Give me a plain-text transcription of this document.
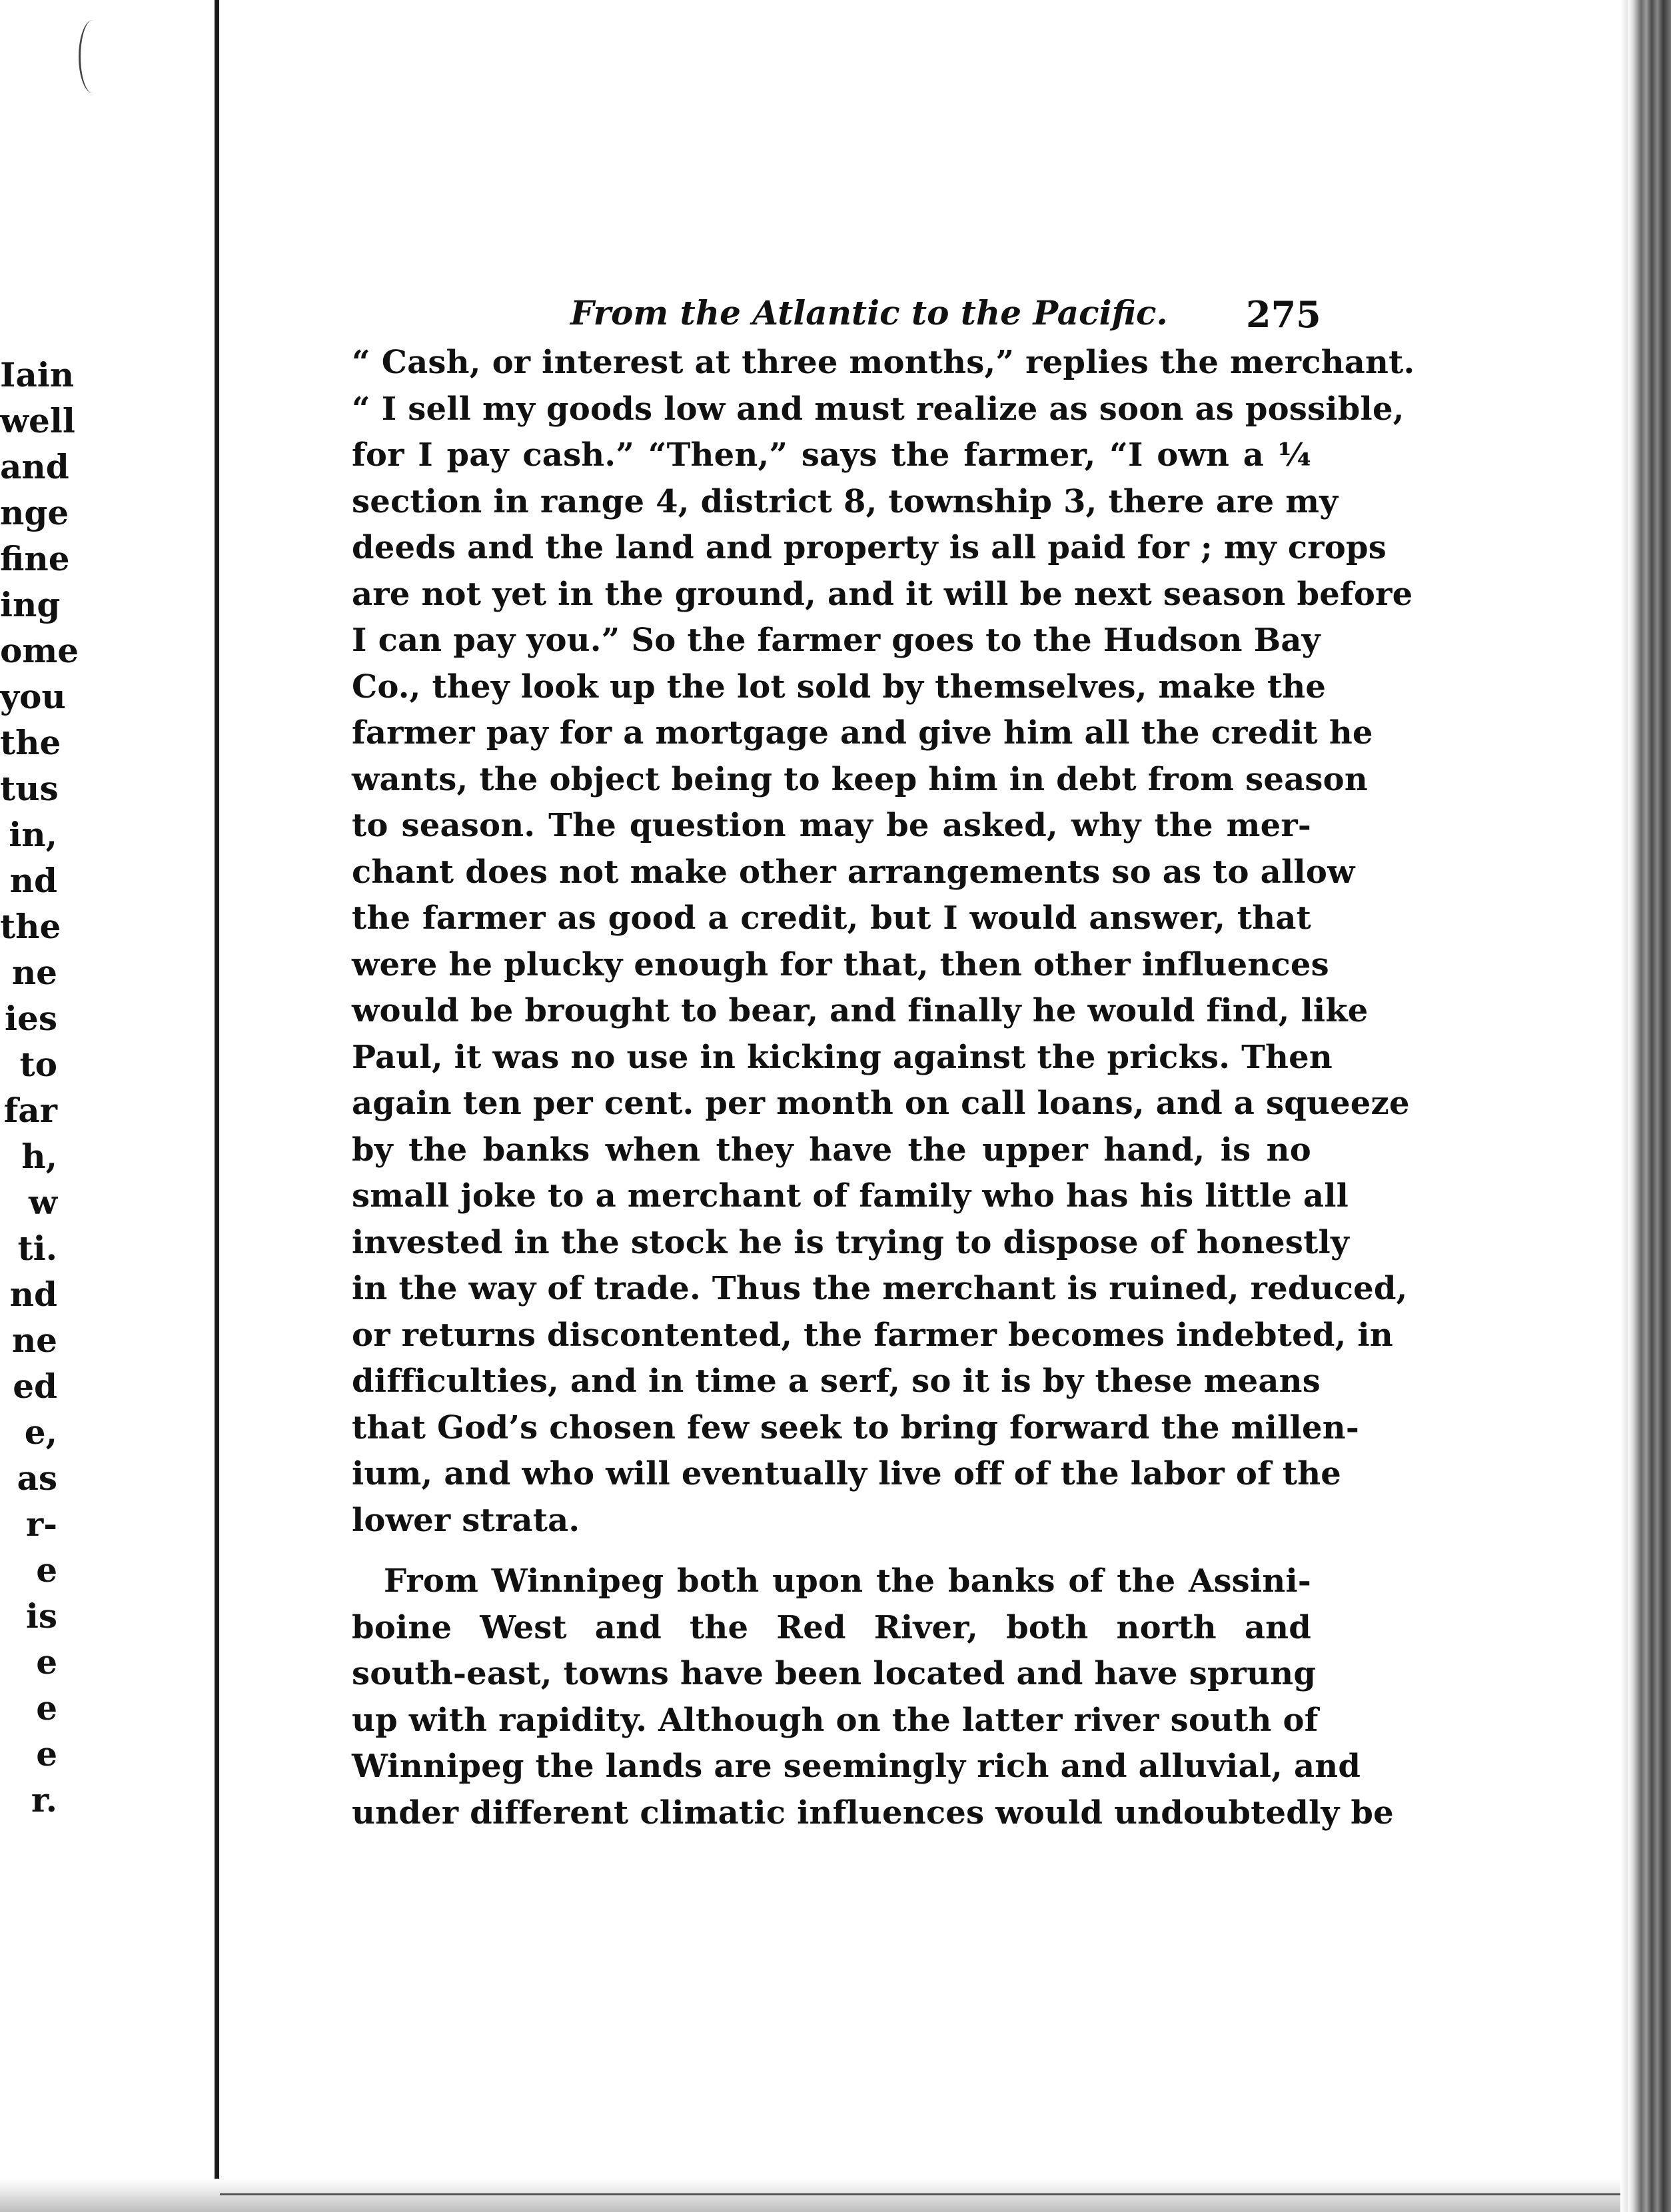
Iain
well
and
nge
fine
ing
ome
you
the
tus
in,
nd
the
ne
ies
to
far
h,
w
ti.
nd
ne
ed
e,
as
r-
e
is
e
e
e
r.
From the Atlantic to the Pacific. 275
“ Cash, or interest at three months,” replies the merchant.
“ I sell my goods low and must realize as soon as possible,
for I pay cash.” “Then,” says the farmer, “I own a ¼
section in range 4, district 8, township 3, there are my
deeds and the land and property is all paid for ; my crops
are not yet in the ground, and it will be next season before
I can pay you.” So the farmer goes to the Hudson Bay
Co., they look up the lot sold by themselves, make the
farmer pay for a mortgage and give him all the credit he
wants, the object being to keep him in debt from season
to season. The question may be asked, why the mer-
chant does not make other arrangements so as to allow
the farmer as good a credit, but I would answer, that
were he plucky enough for that, then other influences
would be brought to bear, and finally he would find, like
Paul, it was no use in kicking against the pricks. Then
again ten per cent. per month on call loans, and a squeeze
by the banks when they have the upper hand, is no
small joke to a merchant of family who has his little all
invested in the stock he is trying to dispose of honestly
in the way of trade. Thus the merchant is ruined, reduced,
or returns discontented, the farmer becomes indebted, in
difficulties, and in time a serf, so it is by these means
that God’s chosen few seek to bring forward the millen-
ium, and who will eventually live off of the labor of the
lower strata.
From Winnipeg both upon the banks of the Assini-
boine West and the Red River, both north and
south-east, towns have been located and have sprung
up with rapidity. Although on the latter river south of
Winnipeg the lands are seemingly rich and alluvial, and
under different climatic influences would undoubtedly be
